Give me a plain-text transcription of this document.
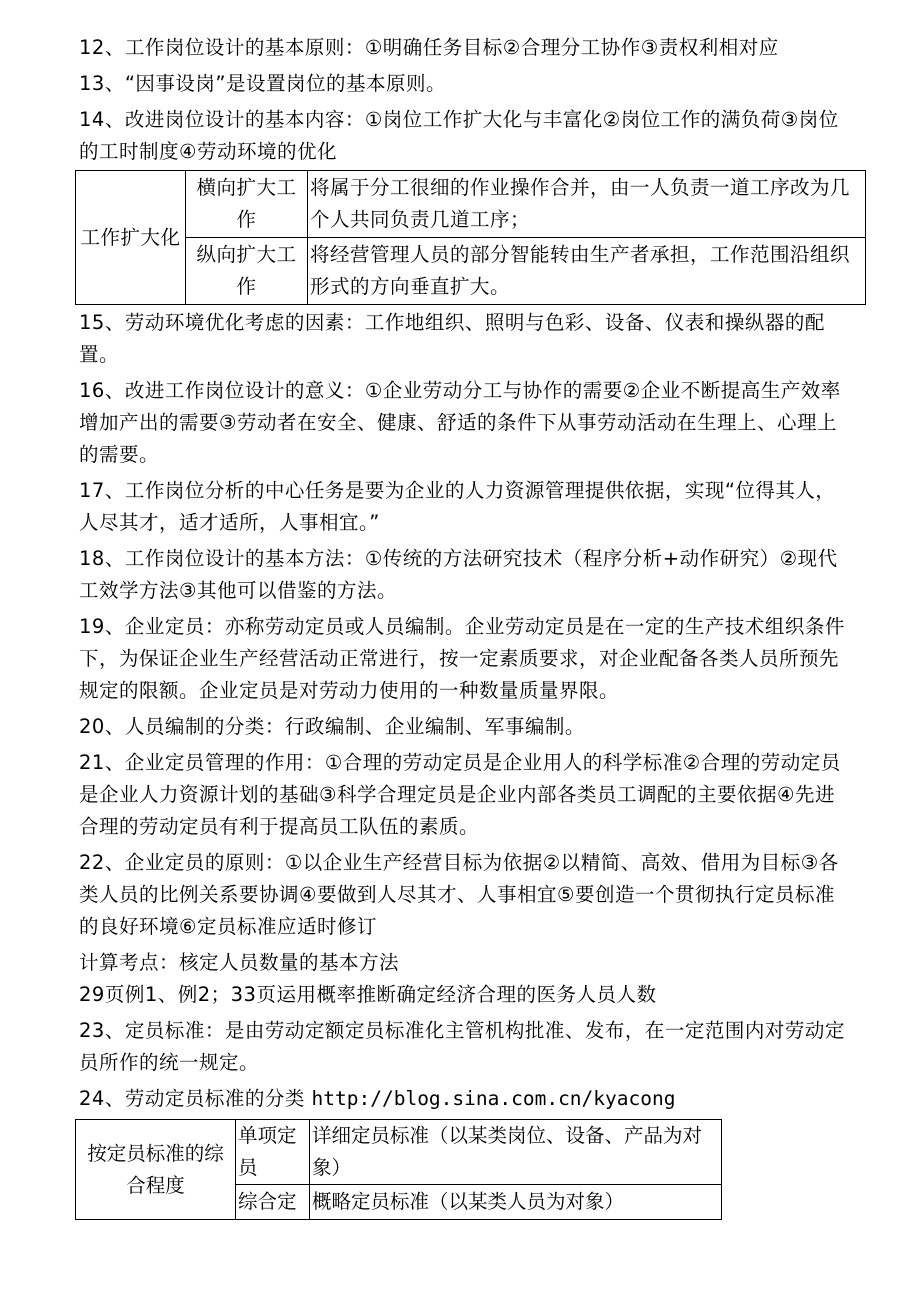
12、工作岗位设计的基本原则：①明确任务目标②合理分工协作③责权利相对应

13、“因事设岗”是设置岗位的基本原则。

14、改进岗位设计的基本内容：①岗位工作扩大化与丰富化②岗位工作的满负荷③岗位的工时制度④劳动环境的优化

工作扩大化	横向扩大工作	将属于分工很细的作业操作合并，由一人负责一道工序改为几个人共同负责几道工序；
	纵向扩大工作	将经营管理人员的部分智能转由生产者承担，工作范围沿组织形式的方向垂直扩大。

15、劳动环境优化考虑的因素：工作地组织、照明与色彩、设备、仪表和操纵器的配置。

16、改进工作岗位设计的意义：①企业劳动分工与协作的需要②企业不断提高生产效率增加产出的需要③劳动者在安全、健康、舒适的条件下从事劳动活动在生理上、心理上的需要。

17、工作岗位分析的中心任务是要为企业的人力资源管理提供依据，实现“位得其人，人尽其才，适才适所，人事相宜。”

18、工作岗位设计的基本方法：①传统的方法研究技术（程序分析+动作研究）②现代工效学方法③其他可以借鉴的方法。

19、企业定员：亦称劳动定员或人员编制。企业劳动定员是在一定的生产技术组织条件下，为保证企业生产经营活动正常进行，按一定素质要求，对企业配备各类人员所预先规定的限额。企业定员是对劳动力使用的一种数量质量界限。

20、人员编制的分类：行政编制、企业编制、军事编制。

21、企业定员管理的作用：①合理的劳动定员是企业用人的科学标准②合理的劳动定员是企业人力资源计划的基础③科学合理定员是企业内部各类员工调配的主要依据④先进合理的劳动定员有利于提高员工队伍的素质。

22、企业定员的原则：①以企业生产经营目标为依据②以精简、高效、借用为目标③各类人员的比例关系要协调④要做到人尽其才、人事相宜⑤要创造一个贯彻执行定员标准的良好环境⑥定员标准应适时修订

计算考点：核定人员数量的基本方法

29页例1、例2；33页运用概率推断确定经济合理的医务人员人数

23、定员标准：是由劳动定额定员标准化主管机构批准、发布，在一定范围内对劳动定员所作的统一规定。

24、劳动定员标准的分类 http://blog.sina.com.cn/kyacong

按定员标准的综合程度	单项定员	详细定员标准（以某类岗位、设备、产品为对象）
	综合定	概略定员标准（以某类人员为对象）
